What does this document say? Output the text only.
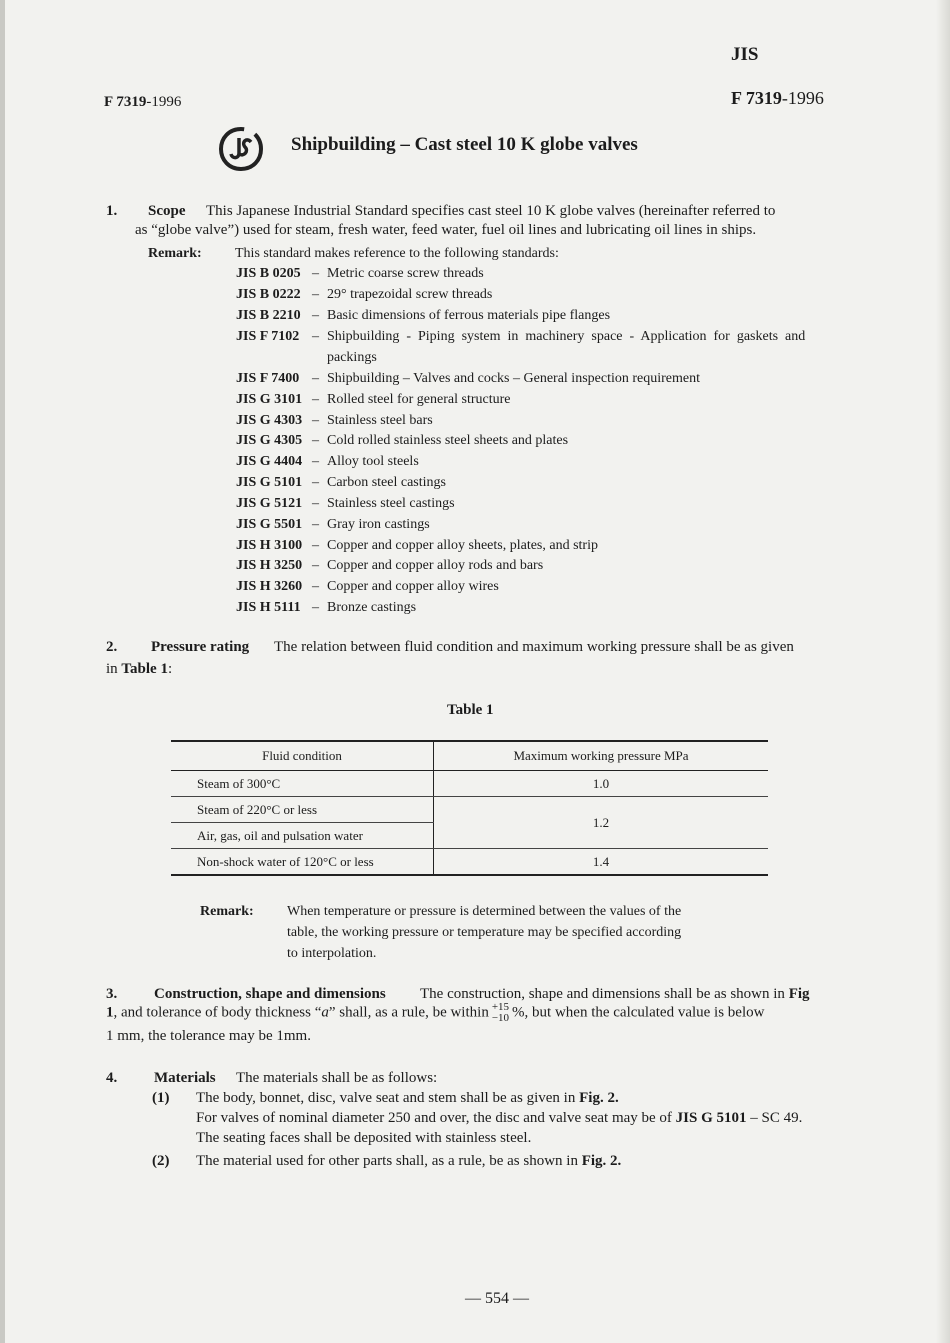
JIS
F 7319-1996	F 7319-1996
Shipbuilding – Cast steel 10 K globe valves
1. Scope This Japanese Industrial Standard specifies cast steel 10 K globe valves (hereinafter referred to
as “globe valve”) used for steam, fresh water, feed water, fuel oil lines and lubricating oil lines in ships.
Remark: This standard makes reference to the following standards:
JIS B 0205 – Metric coarse screw threads
JIS B 0222 – 29° trapezoidal screw threads
JIS B 2210 – Basic dimensions of ferrous materials pipe flanges
JIS F 7102 – Shipbuilding  -  Piping  system  in  machinery  space  -  Application  for  gaskets  and
packings
JIS F 7400 – Shipbuilding – Valves and cocks – General inspection requirement
JIS G 3101 – Rolled steel for general structure
JIS G 4303 – Stainless steel bars
JIS G 4305 – Cold rolled stainless steel sheets and plates
JIS G 4404 – Alloy tool steels
JIS G 5101 – Carbon steel castings
JIS G 5121 – Stainless steel castings
JIS G 5501 – Gray iron castings
JIS H 3100 – Copper and copper alloy sheets, plates, and strip
JIS H 3250 – Copper and copper alloy rods and bars
JIS H 3260 – Copper and copper alloy wires
JIS H 5111 – Bronze castings
2. Pressure rating The relation between fluid condition and maximum working pressure shall be as given
in Table 1:
Table 1
Fluid condition	Maximum working pressure MPa
Steam of 300°C	1.0
Steam of 220°C or less	1.2
Air, gas, oil and pulsation water	
Non-shock water of 120°C or less	1.4
Remark: When temperature or pressure is determined between the values of the
table, the working pressure or temperature may be specified according
to interpolation.
3. Construction, shape and dimensions The construction, shape and dimensions shall be as shown in Fig
1, and tolerance of body thickness “a” shall, as a rule, be within +15
−10 %, but when the calculated value is below
1 mm, the tolerance may be 1mm.
4. Materials The materials shall be as follows:
(1) The body, bonnet, disc, valve seat and stem shall be as given in Fig. 2.
For valves of nominal diameter 250 and over, the disc and valve seat may be of JIS G 5101 – SC 49.
The seating faces shall be deposited with stainless steel.
(2) The material used for other parts shall, as a rule, be as shown in Fig. 2.
— 554 —
